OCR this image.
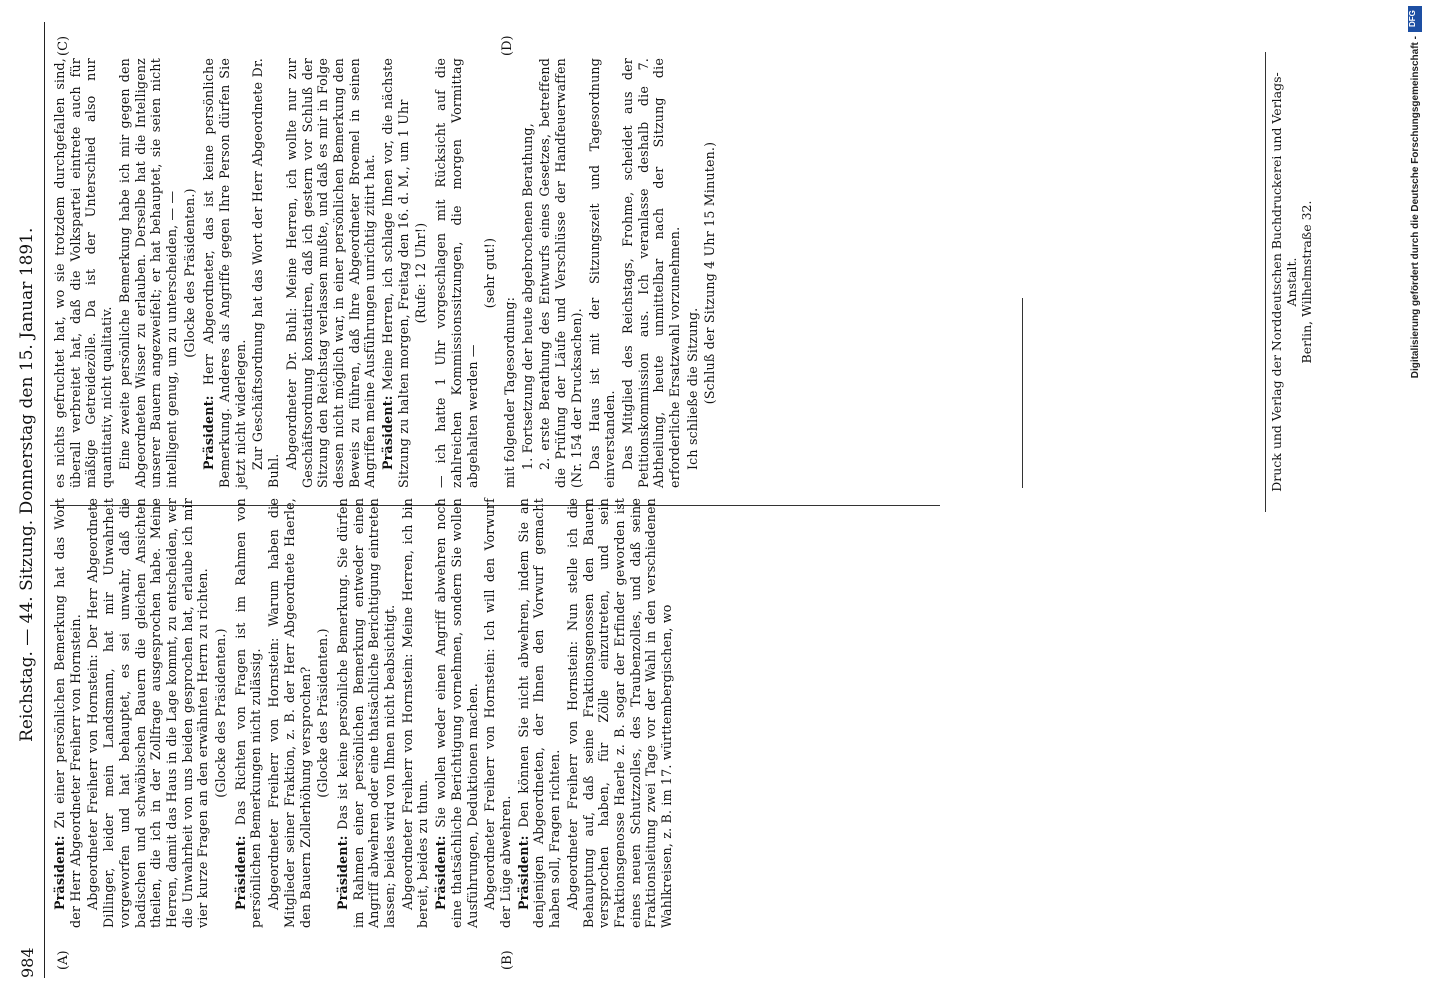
984
Reichstag. — 44. Sitzung. Donnerstag den 15. Januar 1891.
(A)	(B)
(C)	(D)

Präsident: Zu einer persönlichen Bemerkung hat das Wort der Herr Abgeordneter Freiherr von Hornstein. Abgeordneter Freiherr von Hornstein: Der Herr Abgeordnete Dillinger, leider mein Landsmann, hat mir Unwahrheit vorgeworfen und hat behauptet, es sei unwahr, daß die badischen und schwäbischen Bauern die gleichen Ansichten theilen, die ich in der Zollfrage ausgesprochen habe. Meine Herren, damit das Haus in die Lage kommt, zu entscheiden, wer die Unwahrheit von uns beiden gesprochen hat, erlaube ich mir vier kurze Fragen an den erwähnten Herrn zu richten. (Glocke des Präsidenten.)

Präsident: Das Richten von Fragen ist im Rahmen von persönlichen Bemerkungen nicht zulässig. Abgeordneter Freiherr von Hornstein: Warum haben die Mitglieder seiner Fraktion, z. B. der Herr Abgeordnete Haerle, den Bauern Zollerhöhung versprochen? (Glocke des Präsidenten.)

Präsident: Das ist keine persönliche Bemerkung. Sie dürfen im Rahmen einer persönlichen Bemerkung entweder einen Angriff abwehren oder eine thatsächliche Berichtigung eintreten lassen; beides wird von Ihnen nicht beabsichtigt. Abgeordneter Freiherr von Hornstein: Meine Herren, ich bin bereit, beides zu thun. Präsident: Sie wollen weder einen Angriff abwehren noch eine thatsächliche Berichtigung vornehmen, sondern Sie wollen Ausführungen, Deduktionen machen. Abgeordneter Freiherr von Hornstein: Ich will den Vorwurf der Lüge abwehren. Präsident: Den können Sie nicht abwehren, indem Sie an denjenigen Abgeordneten, der Ihnen den Vorwurf gemacht haben soll, Fragen richten. Abgeordneter Freiherr von Hornstein: Nun stelle ich die Behauptung auf, daß seine Fraktionsgenossen den Bauern versprochen haben, für Zölle einzutreten, und sein Fraktionsgenosse Haerle z. B. sogar der Erfinder geworden ist eines neuen Schutzzolles, des Traubenzolles, und daß seine Fraktionsleitung zwei Tage vor der Wahl in den verschiedenen Wahlkreisen, z. B. im 17. württembergischen, wo

es nichts gefruchtet hat, wo sie trotzdem durchgefallen sind, überall verbreitet hat, daß die Volkspartei eintrete auch für mäßige Getreidezölle. Da ist der Unterschied also nur quantitativ, nicht qualitativ. Eine zweite persönliche Bemerkung habe ich mir gegen den Abgeordneten Wisser zu erlauben. Derselbe hat die Intelligenz unserer Bauern angezweifelt; er hat behauptet, sie seien nicht intelligent genug, um zu unterscheiden, — — (Glocke des Präsidenten.)

Präsident: Herr Abgeordneter, das ist keine persönliche Bemerkung. Anderes als Angriffe gegen Ihre Person dürfen Sie jetzt nicht widerlegen. Zur Geschäftsordnung hat das Wort der Herr Abgeordnete Dr. Buhl.

Abgeordneter Dr. Buhl: Meine Herren, ich wollte nur zur Geschäftsordnung konstatiren, daß ich gestern vor Schluß der Sitzung den Reichstag verlassen mußte, und daß es mir in Folge dessen nicht möglich war, in einer persönlichen Bemerkung den Beweis zu führen, daß Ihre Abgeordneter Broemel in seinen Angriffen meine Ausführungen unrichtig zitirt hat. Präsident: Meine Herren, ich schlage Ihnen vor, die nächste Sitzung zu halten morgen, Freitag den 16. d. M., um 1 Uhr (Rufe: 12 Uhr!) — ich hatte 1 Uhr vorgeschlagen mit Rücksicht auf die zahlreichen Kommissionssitzungen, die morgen Vormittag abgehalten werden —

(sehr gut!)

mit folgender Tagesordnung: 1. Fortsetzung der heute abgebrochenen Berathung, 2. erste Berathung des Entwurfs eines Gesetzes, betreffend die Prüfung der Läufe und Verschlüsse der Handfeuerwaffen (Nr. 154 der Drucksachen). Das Haus ist mit der Sitzungszeit und Tagesordnung einverstanden. Das Mitglied des Reichstags, Frohme, scheidet aus der Petitionskommission aus. Ich veranlasse deshalb die 7. Abtheilung, heute unmittelbar nach der Sitzung die erforderliche Ersatzwahl vorzunehmen. Ich schließe die Sitzung. (Schluß der Sitzung 4 Uhr 15 Minuten.)	Druck und Verlag der Norddeutschen Buchdruckerei und Verlags-Anstalt. Berlin, Wilhelmstraße 32.
DFG
Digitalisierung gefördert durch die Deutsche Forschungsgemeinschaft -
